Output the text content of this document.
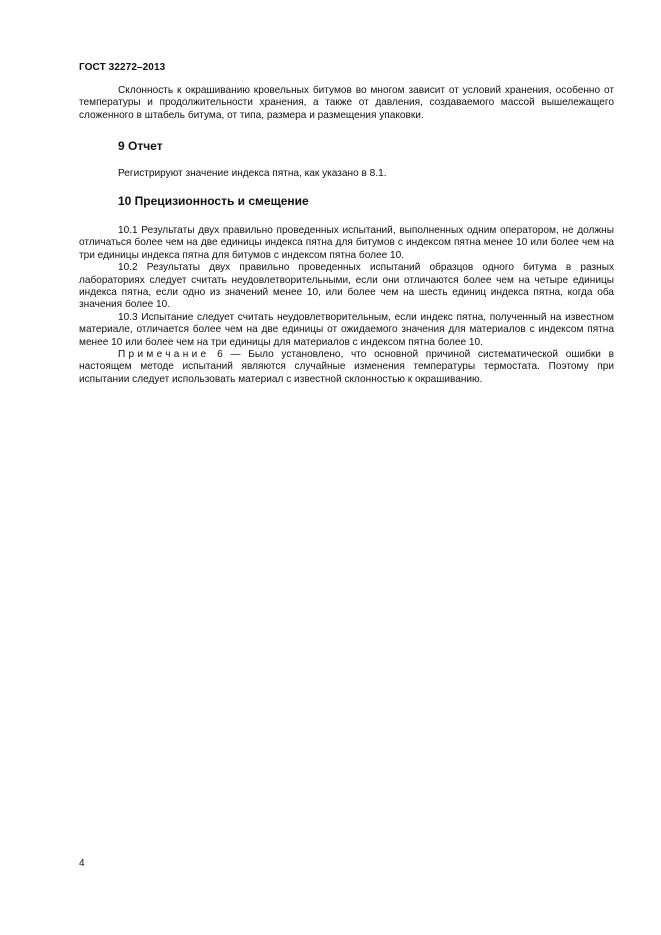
ГОСТ 32272–2013

Склонность к окрашиванию кровельных битумов во многом зависит от условий хранения, особенно от температуры и продолжительности хранения, а также от давления, создаваемого массой вышележащего сложенного в штабель битума, от типа, размера и размещения упаковки.

9 Отчет

Регистрируют значение индекса пятна, как указано в 8.1.

10 Прецизионность и смещение

10.1 Результаты двух правильно проведенных испытаний, выполненных одним оператором, не должны отличаться более чем на две единицы индекса пятна для битумов с индексом пятна менее 10 или более чем на три единицы индекса пятна для битумов с индексом пятна более 10.

10.2 Результаты двух правильно проведенных испытаний образцов одного битума в разных лабораториях следует считать неудовлетворительными, если они отличаются более чем на четыре единицы индекса пятна, если одно из значений менее 10, или более чем на шесть единиц индекса пятна, когда оба значения более 10.

10.3 Испытание следует считать неудовлетворительным, если индекс пятна, полученный на известном материале, отличается более чем на две единицы от ожидаемого значения для материалов с индексом пятна менее 10 или более чем на три единицы для материалов с индексом пятна более 10.

Примечание 6 — Было установлено, что основной причиной систематической ошибки в настоящем методе испытаний являются случайные изменения температуры термостата. Поэтому при испытании следует использовать материал с известной склонностью к окрашиванию.

4
